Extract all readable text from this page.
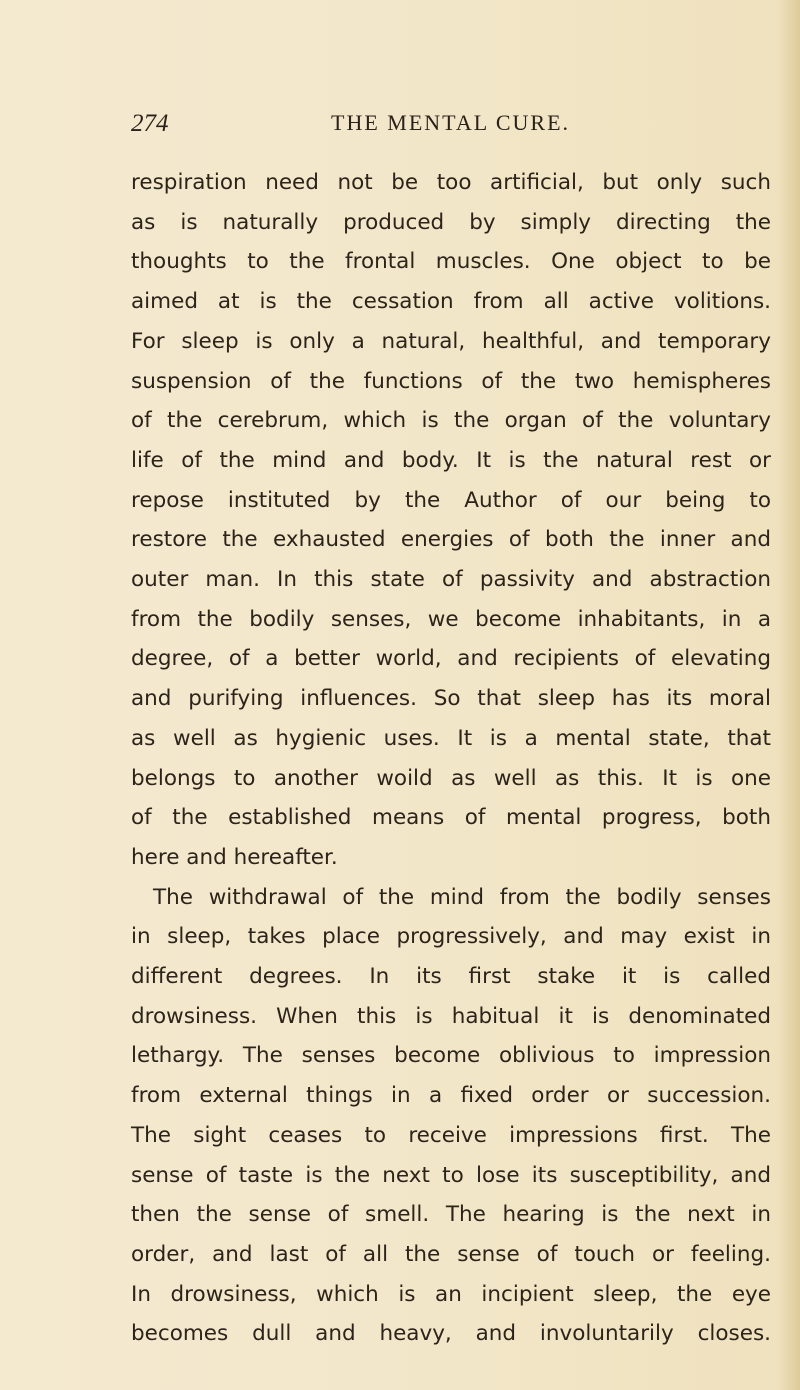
274	THE MENTAL CURE.
respiration need not be too artificial, but only such
as is naturally produced by simply directing the
thoughts to the frontal muscles. One object to be
aimed at is the cessation from all active volitions.
For sleep is only a natural, healthful, and temporary
suspension of the functions of the two hemispheres
of the cerebrum, which is the organ of the voluntary
life of the mind and body. It is the natural rest or
repose instituted by the Author of our being to
restore the exhausted energies of both the inner and
outer man. In this state of passivity and abstraction
from the bodily senses, we become inhabitants, in a
degree, of a better world, and recipients of elevating
and purifying influences. So that sleep has its moral
as well as hygienic uses. It is a mental state, that
belongs to another woild as well as this. It is one
of the established means of mental progress, both
here and hereafter.
The withdrawal of the mind from the bodily senses
in sleep, takes place progressively, and may exist in
different degrees. In its first stake it is called
drowsiness. When this is habitual it is denominated
lethargy. The senses become oblivious to impression
from external things in a fixed order or succession.
The sight ceases to receive impressions first. The
sense of taste is the next to lose its susceptibility, and
then the sense of smell. The hearing is the next in
order, and last of all the sense of touch or feeling.
In drowsiness, which is an incipient sleep, the eye
becomes dull and heavy, and involuntarily closes.
